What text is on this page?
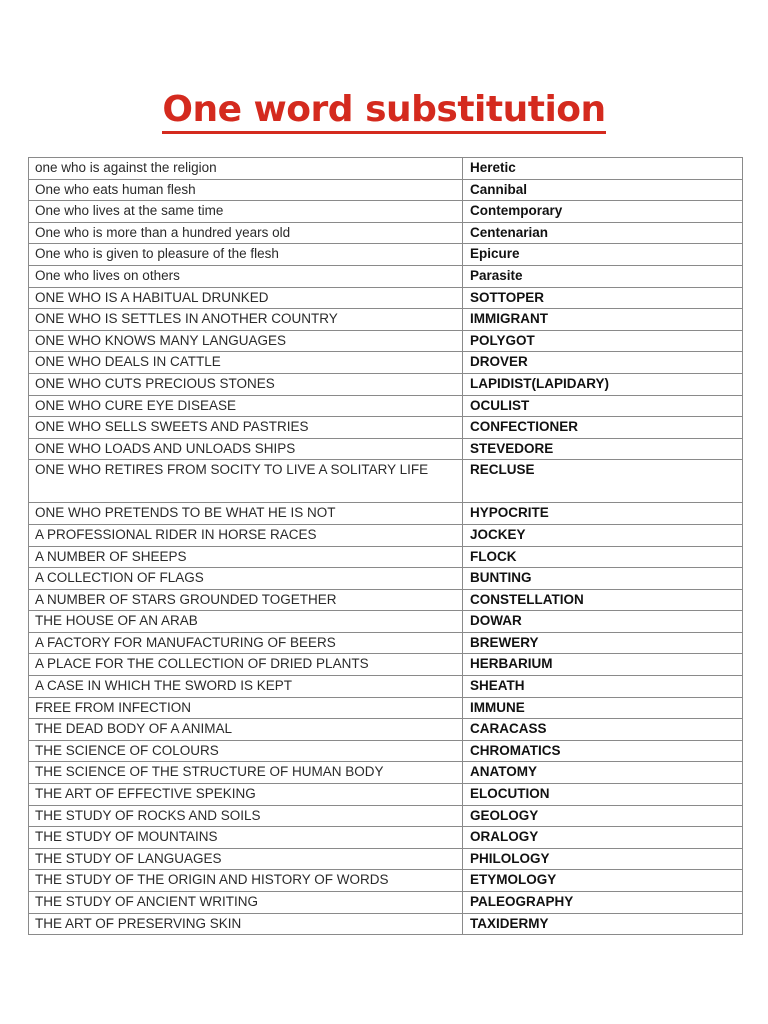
One word substitution
one who is against the religion	Heretic
One who eats human flesh	Cannibal
One who lives at the same time	Contemporary
One who is more than a hundred years old	Centenarian
One who is given to pleasure of the flesh	Epicure
One who lives on others	Parasite
ONE WHO IS A HABITUAL DRUNKED	SOTTOPER
ONE WHO IS SETTLES IN ANOTHER COUNTRY	IMMIGRANT
ONE WHO KNOWS MANY LANGUAGES	POLYGOT
ONE WHO DEALS IN CATTLE	DROVER
ONE WHO CUTS PRECIOUS STONES	LAPIDIST(LAPIDARY)
ONE WHO CURE EYE DISEASE	OCULIST
ONE WHO SELLS SWEETS AND PASTRIES	CONFECTIONER
ONE WHO LOADS AND UNLOADS SHIPS	STEVEDORE
ONE WHO RETIRES FROM SOCITY TO LIVE A SOLITARY LIFE	RECLUSE
ONE WHO PRETENDS TO BE WHAT HE IS NOT	HYPOCRITE
A PROFESSIONAL RIDER IN HORSE RACES	JOCKEY
A NUMBER OF SHEEPS	FLOCK
A COLLECTION OF FLAGS	BUNTING
A NUMBER OF STARS GROUNDED TOGETHER	CONSTELLATION
THE HOUSE OF AN ARAB	DOWAR
A FACTORY FOR MANUFACTURING OF BEERS	BREWERY
A PLACE FOR THE COLLECTION OF DRIED PLANTS	HERBARIUM
A CASE IN WHICH THE SWORD IS KEPT	SHEATH
FREE FROM INFECTION	IMMUNE
THE DEAD BODY OF A ANIMAL	CARACASS
THE SCIENCE OF COLOURS	CHROMATICS
THE SCIENCE OF THE STRUCTURE OF HUMAN BODY	ANATOMY
THE ART OF EFFECTIVE SPEKING	ELOCUTION
THE STUDY OF ROCKS AND SOILS	GEOLOGY
THE STUDY OF MOUNTAINS	ORALOGY
THE STUDY OF LANGUAGES	PHILOLOGY
THE STUDY OF THE ORIGIN AND HISTORY OF WORDS	ETYMOLOGY
THE STUDY OF ANCIENT WRITING	PALEOGRAPHY
THE ART OF PRESERVING SKIN	TAXIDERMY
